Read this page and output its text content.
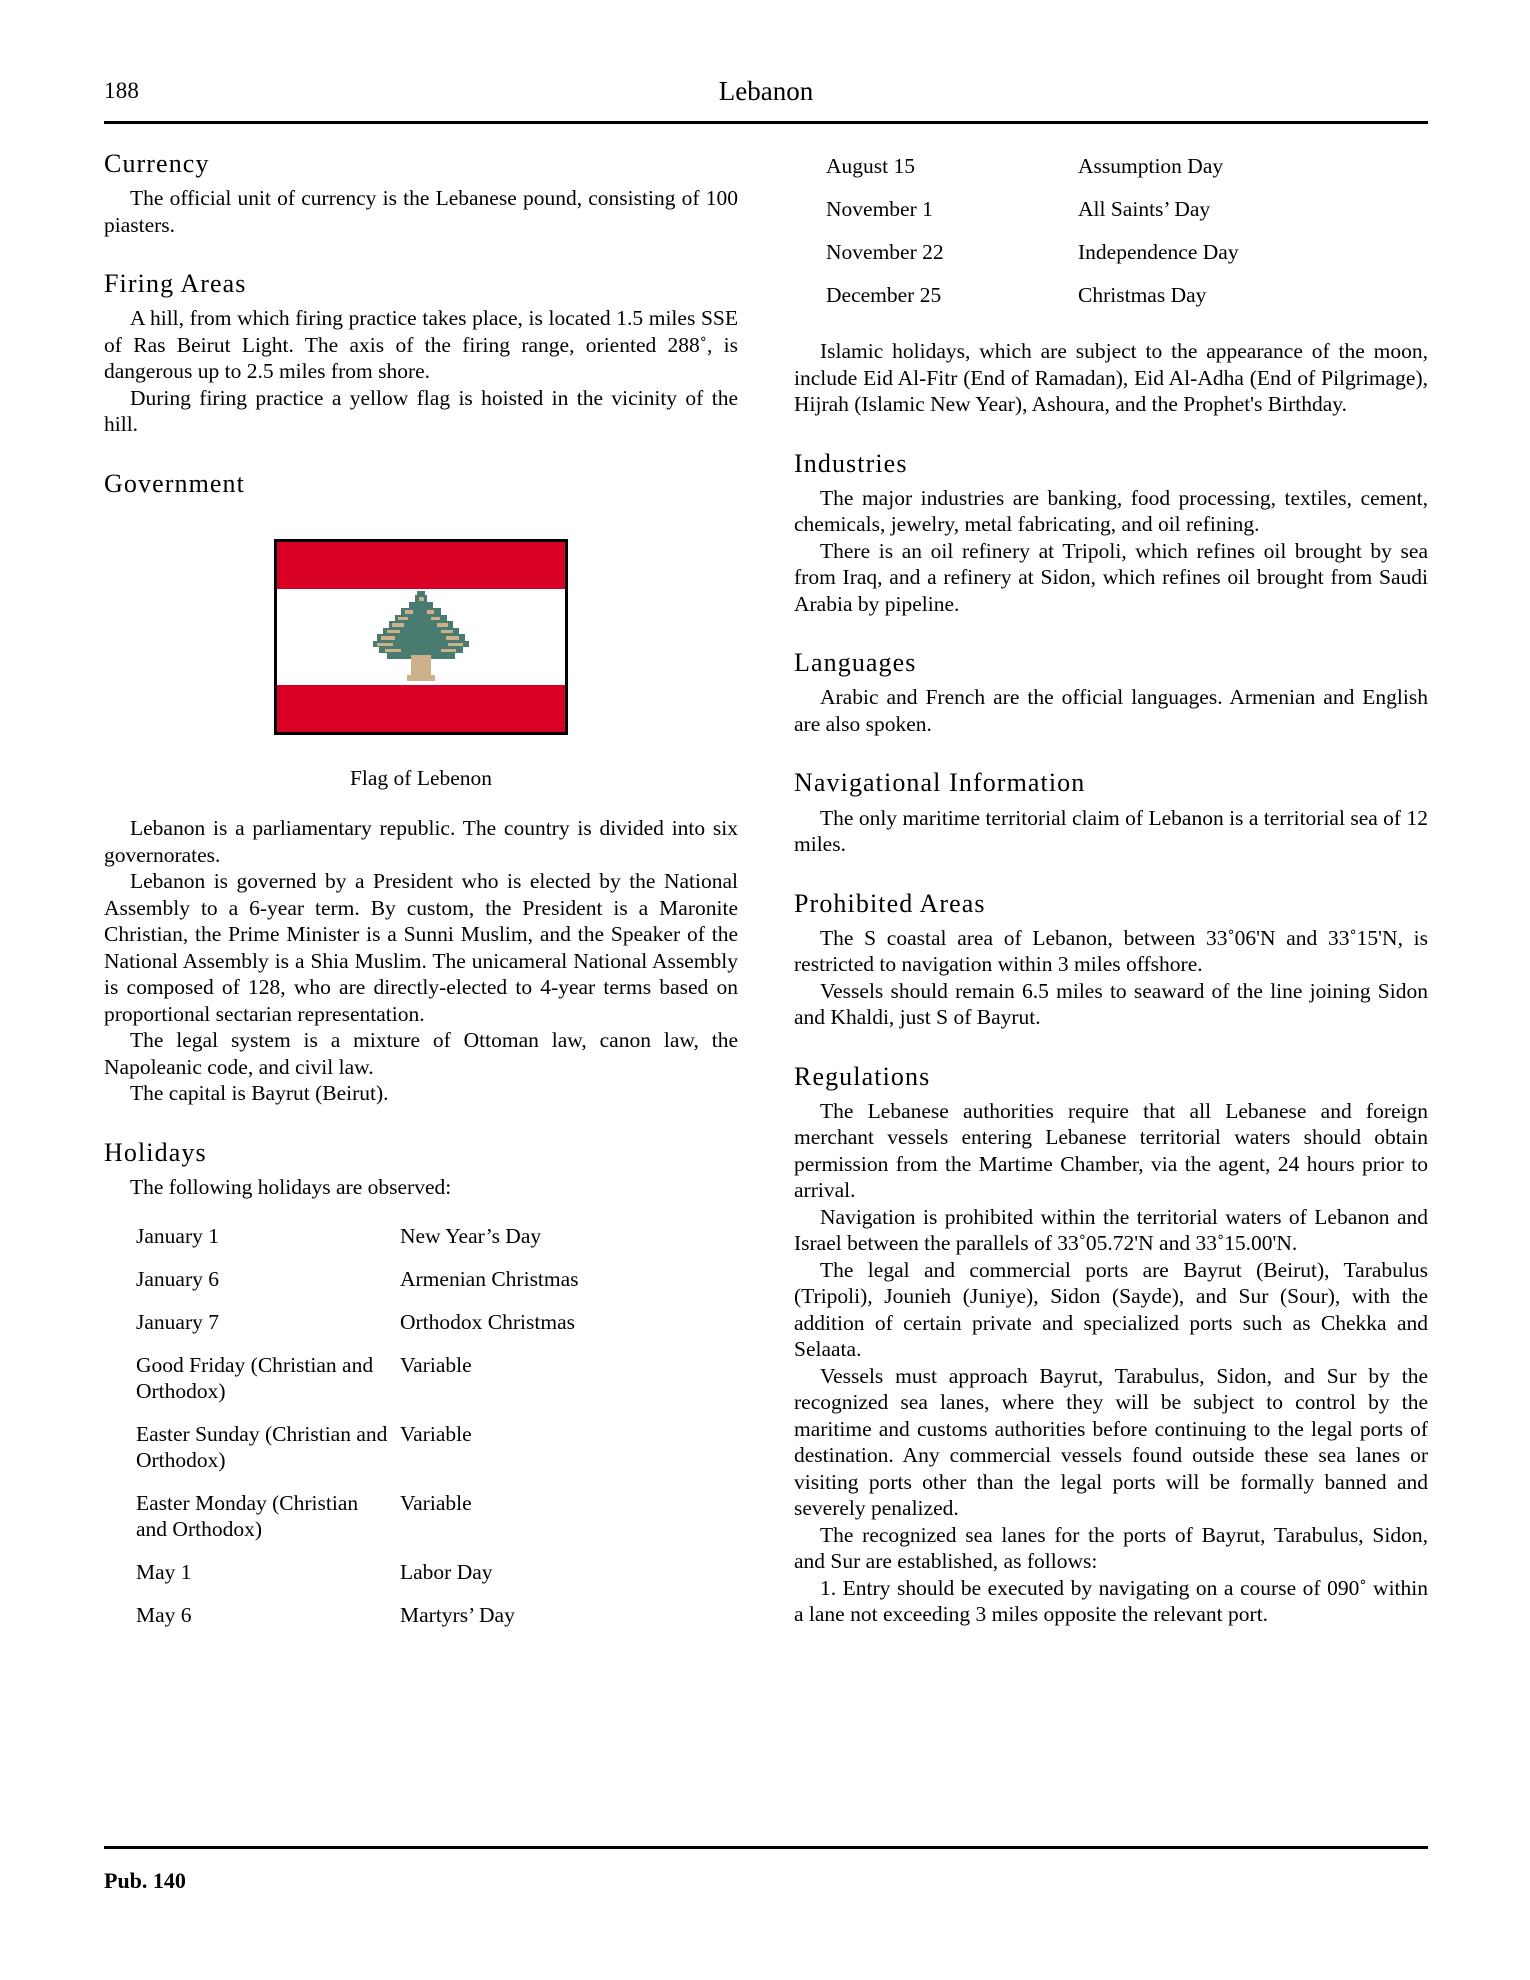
188	Lebanon
Currency

The official unit of currency is the Lebanese pound, consisting of 100 piasters.

Firing Areas

A hill, from which firing practice takes place, is located 1.5 miles SSE of Ras Beirut Light. The axis of the firing range, oriented 288˚, is dangerous up to 2.5 miles from shore.

During firing practice a yellow flag is hoisted in the vicinity of the hill.

Government
Flag of Lebenon

Lebanon is a parliamentary republic. The country is divided into six governorates.

Lebanon is governed by a President who is elected by the National Assembly to a 6-year term. By custom, the President is a Maronite Christian, the Prime Minister is a Sunni Muslim, and the Speaker of the National Assembly is a Shia Muslim. The unicameral National Assembly is composed of 128, who are directly-elected to 4-year terms based on proportional sectarian representation.

The legal system is a mixture of Ottoman law, canon law, the Napoleanic code, and civil law.

The capital is Bayrut (Beirut).

Holidays

The following holidays are observed:

January 1	New Year’s Day
January 6	Armenian Christmas
January 7	Orthodox Christmas
Good Friday (Christian and Orthodox)	Variable
Easter Sunday (Christian and Orthodox)	Variable
Easter Monday (Christian and Orthodox)	Variable
May 1	Labor Day
May 6	Martyrs’ Day
August 15	Assumption Day
November 1	All Saints’ Day
November 22	Independence Day
December 25	Christmas Day

Islamic holidays, which are subject to the appearance of the moon, include Eid Al-Fitr (End of Ramadan), Eid Al-Adha (End of Pilgrimage), Hijrah (Islamic New Year), Ashoura, and the Prophet's Birthday.

Industries

The major industries are banking, food processing, textiles, cement, chemicals, jewelry, metal fabricating, and oil refining.

There is an oil refinery at Tripoli, which refines oil brought by sea from Iraq, and a refinery at Sidon, which refines oil brought from Saudi Arabia by pipeline.

Languages

Arabic and French are the official languages. Armenian and English are also spoken.

Navigational Information

The only maritime territorial claim of Lebanon is a territorial sea of 12 miles.

Prohibited Areas

The S coastal area of Lebanon, between 33˚06'N and 33˚15'N, is restricted to navigation within 3 miles offshore.

Vessels should remain 6.5 miles to seaward of the line joining Sidon and Khaldi, just S of Bayrut.

Regulations

The Lebanese authorities require that all Lebanese and foreign merchant vessels entering Lebanese territorial waters should obtain permission from the Martime Chamber, via the agent, 24 hours prior to arrival.

Navigation is prohibited within the territorial waters of Lebanon and Israel between the parallels of 33˚05.72'N and 33˚15.00'N.

The legal and commercial ports are Bayrut (Beirut), Tarabulus (Tripoli), Jounieh (Juniye), Sidon (Sayde), and Sur (Sour), with the addition of certain private and specialized ports such as Chekka and Selaata.

Vessels must approach Bayrut, Tarabulus, Sidon, and Sur by the recognized sea lanes, where they will be subject to control by the maritime and customs authorities before continuing to the legal ports of destination. Any commercial vessels found outside these sea lanes or visiting ports other than the legal ports will be formally banned and severely penalized.

The recognized sea lanes for the ports of Bayrut, Tarabulus, Sidon, and Sur are established, as follows:

1. Entry should be executed by navigating on a course of 090˚ within a lane not exceeding 3 miles opposite the relevant port.

Pub. 140
